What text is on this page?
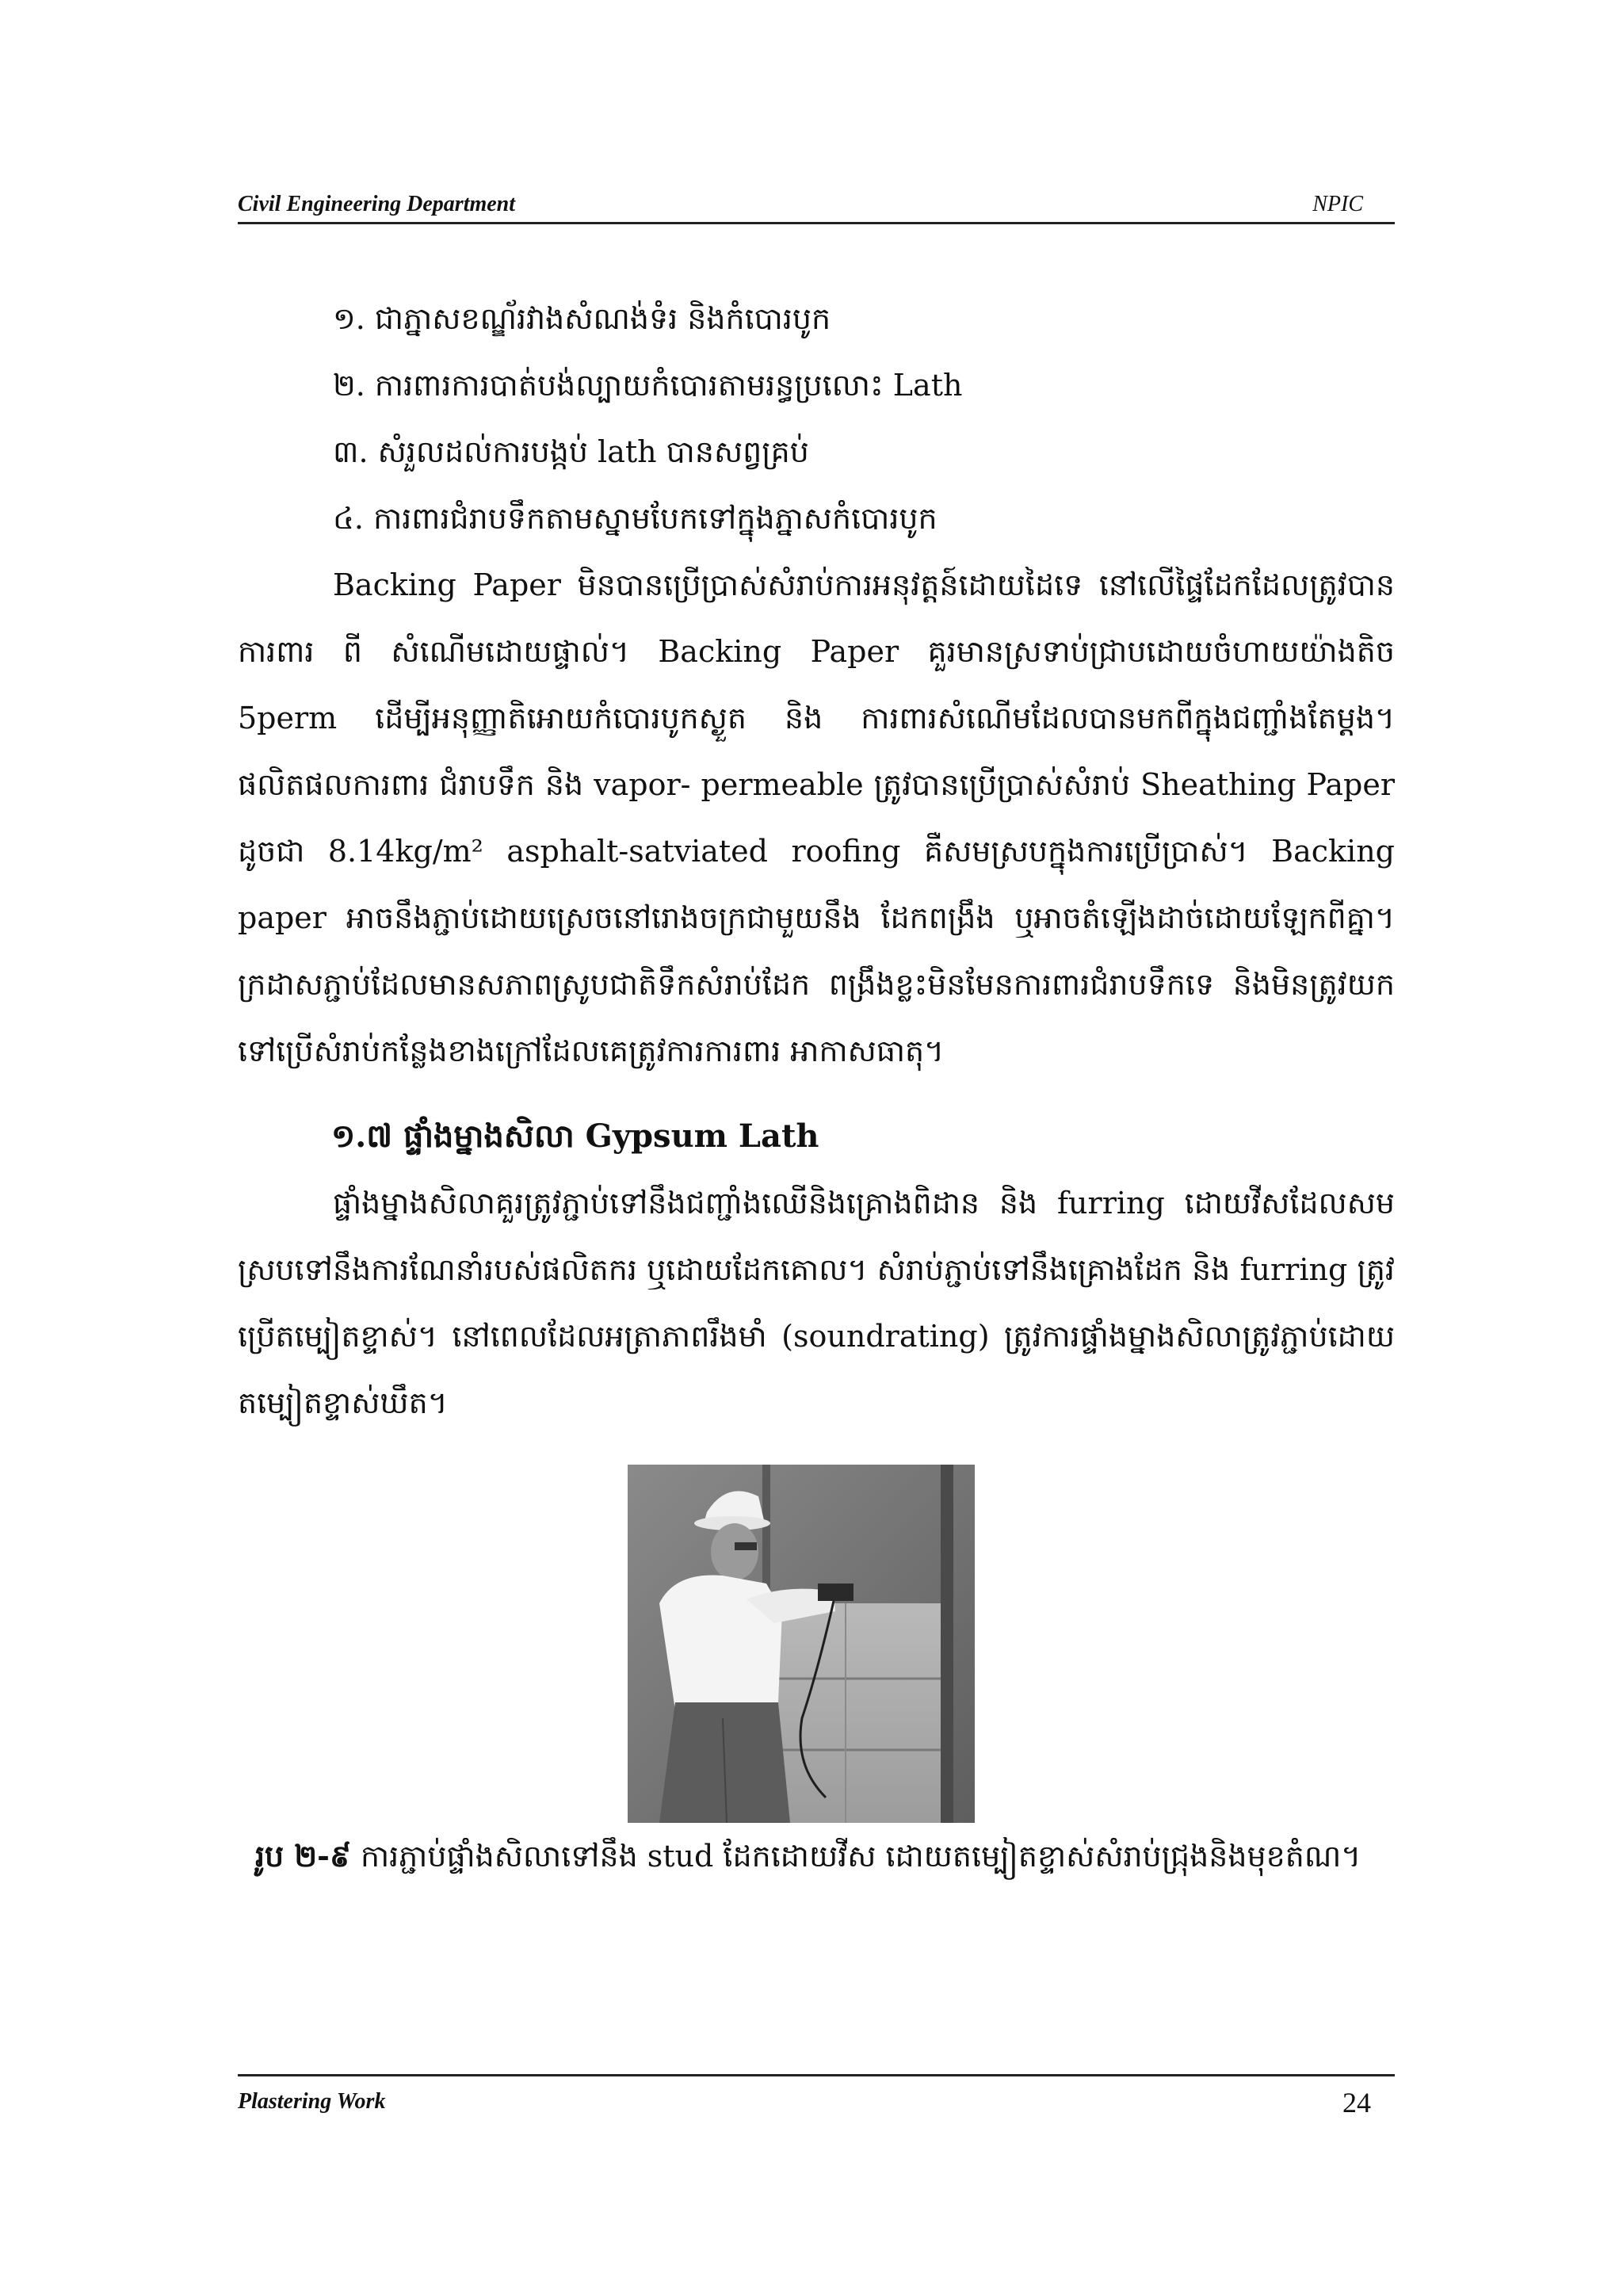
Civil Engineering Department	NPIC
១. ជាភ្នាសខណ្ឌ័រវាងសំណង់ទំរ និងកំបោរបូក
២. ការពារការបាត់បង់ល្បាយកំបោរតាមរន្ធប្រលោះ Lath
៣. សំរួលដល់ការបង្កប់ lath បានសព្វគ្រប់
៤. ការពារជំរាបទឹកតាមស្នាមបែកទៅក្នុងភ្នាសកំបោរបូក

Backing Paper មិនបានប្រើប្រាស់សំរាប់ការអនុវត្តន៍ដោយដៃទេ នៅលើផ្ទៃដែកដែលត្រូវបានការពារ ពី សំណើមដោយផ្ទាល់។ Backing Paper គួរមានស្រទាប់ជ្រាបដោយចំហាយយ៉ាងតិច 5perm ដើម្បីអនុញ្ញាតិអោយកំបោរបូកស្ងួត និង ការពារសំណើមដែលបានមកពីក្នុងជញ្ជាំងតែម្តង។ ផលិតផលការពារ ជំរាបទឹក និង vapor- permeable ត្រូវបានប្រើប្រាស់សំរាប់ Sheathing Paper ដូចជា 8.14kg/m² asphalt-satviated roofing គឺសមស្របក្នុងការប្រើប្រាស់។ Backing paper អាចនឹងភ្ជាប់ដោយស្រេចនៅរោងចក្រជាមួយនឹង ដែកពង្រឹង ឬអាចតំឡើងដាច់ដោយឡែកពីគ្នា។ ក្រដាសភ្ជាប់ដែលមានសភាពស្រូបជាតិទឹកសំរាប់ដែក ពង្រឹងខ្លះមិនមែនការពារជំរាបទឹកទេ និងមិនត្រូវយកទៅប្រើសំរាប់កន្លែងខាងក្រៅដែលគេត្រូវការការពារ អាកាសធាតុ។

១.៧ ផ្ទាំងម្នាងសិលា Gypsum Lath

ផ្ទាំងម្នាងសិលាគួរត្រូវភ្ជាប់ទៅនឹងជញ្ជាំងឈើនិងគ្រោងពិដាន និង furring ដោយវីសដែលសមស្របទៅនឹងការណែនាំរបស់ផលិតករ ឬដោយដែកគោល។ សំរាប់ភ្ជាប់ទៅនឹងគ្រោងដែក និង furring ត្រូវប្រើតម្បៀតខ្ទាស់។ នៅពេលដែលអត្រាភាពរឹងមាំ (soundrating) ត្រូវការផ្ទាំងម្នាងសិលាត្រូវភ្ជាប់ដោយតម្បៀតខ្ទាស់ឃឹត។

រូប ២-៩ ការភ្ជាប់ផ្ទាំងសិលាទៅនឹង stud ដែកដោយវីស ដោយតម្បៀតខ្ទាស់សំរាប់ជ្រុងនិងមុខតំណ។
Plastering Work	24
